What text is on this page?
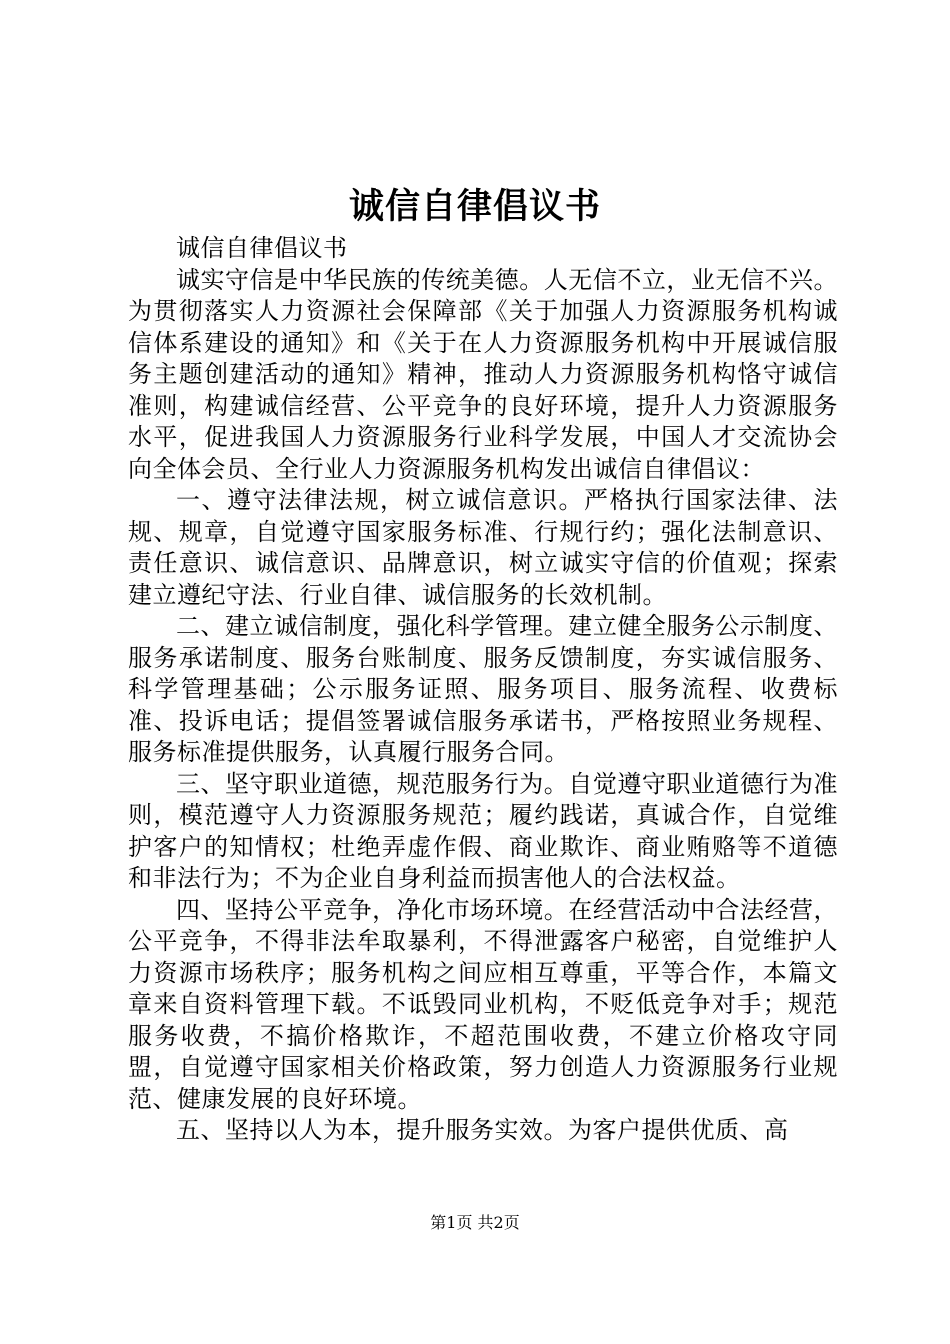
诚信自律倡议书

诚信自律倡议书

诚实守信是中华民族的传统美德。人无信不立，业无信不兴。为贯彻落实人力资源社会保障部《关于加强人力资源服务机构诚信体系建设的通知》和《关于在人力资源服务机构中开展诚信服务主题创建活动的通知》精神，推动人力资源服务机构恪守诚信准则，构建诚信经营、公平竞争的良好环境，提升人力资源服务水平，促进我国人力资源服务行业科学发展，中国人才交流协会向全体会员、全行业人力资源服务机构发出诚信自律倡议：

一、遵守法律法规，树立诚信意识。严格执行国家法律、法规、规章，自觉遵守国家服务标准、行规行约；强化法制意识、责任意识、诚信意识、品牌意识，树立诚实守信的价值观；探索建立遵纪守法、行业自律、诚信服务的长效机制。

二、建立诚信制度，强化科学管理。建立健全服务公示制度、服务承诺制度、服务台账制度、服务反馈制度，夯实诚信服务、科学管理基础；公示服务证照、服务项目、服务流程、收费标准、投诉电话；提倡签署诚信服务承诺书，严格按照业务规程、服务标准提供服务，认真履行服务合同。

三、坚守职业道德，规范服务行为。自觉遵守职业道德行为准则，模范遵守人力资源服务规范；履约践诺，真诚合作，自觉维护客户的知情权；杜绝弄虚作假、商业欺诈、商业贿赂等不道德和非法行为；不为企业自身利益而损害他人的合法权益。

四、坚持公平竞争，净化市场环境。在经营活动中合法经营，公平竞争，不得非法牟取暴利，不得泄露客户秘密，自觉维护人力资源市场秩序；服务机构之间应相互尊重，平等合作，本篇文章来自资料管理下载。不诋毁同业机构，不贬低竞争对手；规范服务收费，不搞价格欺诈，不超范围收费，不建立价格攻守同盟，自觉遵守国家相关价格政策，努力创造人力资源服务行业规范、健康发展的良好环境。

五、坚持以人为本，提升服务实效。为客户提供优质、高

第1页 共2页
